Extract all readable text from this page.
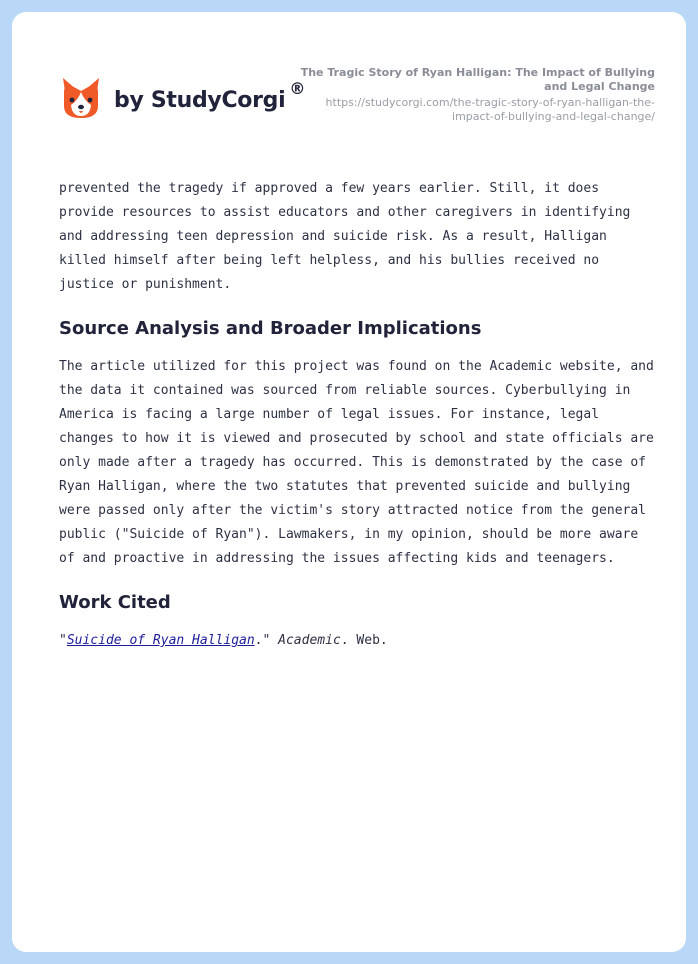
by StudyCorgi ®
The Tragic Story of Ryan Halligan: The Impact of Bullying and Legal Change
https://studycorgi.com/the-tragic-story-of-ryan-halligan-the-impact-of-bullying-and-legal-change/

prevented the tragedy if approved a few years earlier. Still, it does provide resources to assist educators and other caregivers in identifying and addressing teen depression and suicide risk. As a result, Halligan killed himself after being left helpless, and his bullies received no justice or punishment.

Source Analysis and Broader Implications

The article utilized for this project was found on the Academic website, and the data it contained was sourced from reliable sources. Cyberbullying in America is facing a large number of legal issues. For instance, legal changes to how it is viewed and prosecuted by school and state officials are only made after a tragedy has occurred. This is demonstrated by the case of Ryan Halligan, where the two statutes that prevented suicide and bullying were passed only after the victim's story attracted notice from the general public ("Suicide of Ryan"). Lawmakers, in my opinion, should be more aware of and proactive in addressing the issues affecting kids and teenagers.

Work Cited

"Suicide of Ryan Halligan." Academic. Web.
